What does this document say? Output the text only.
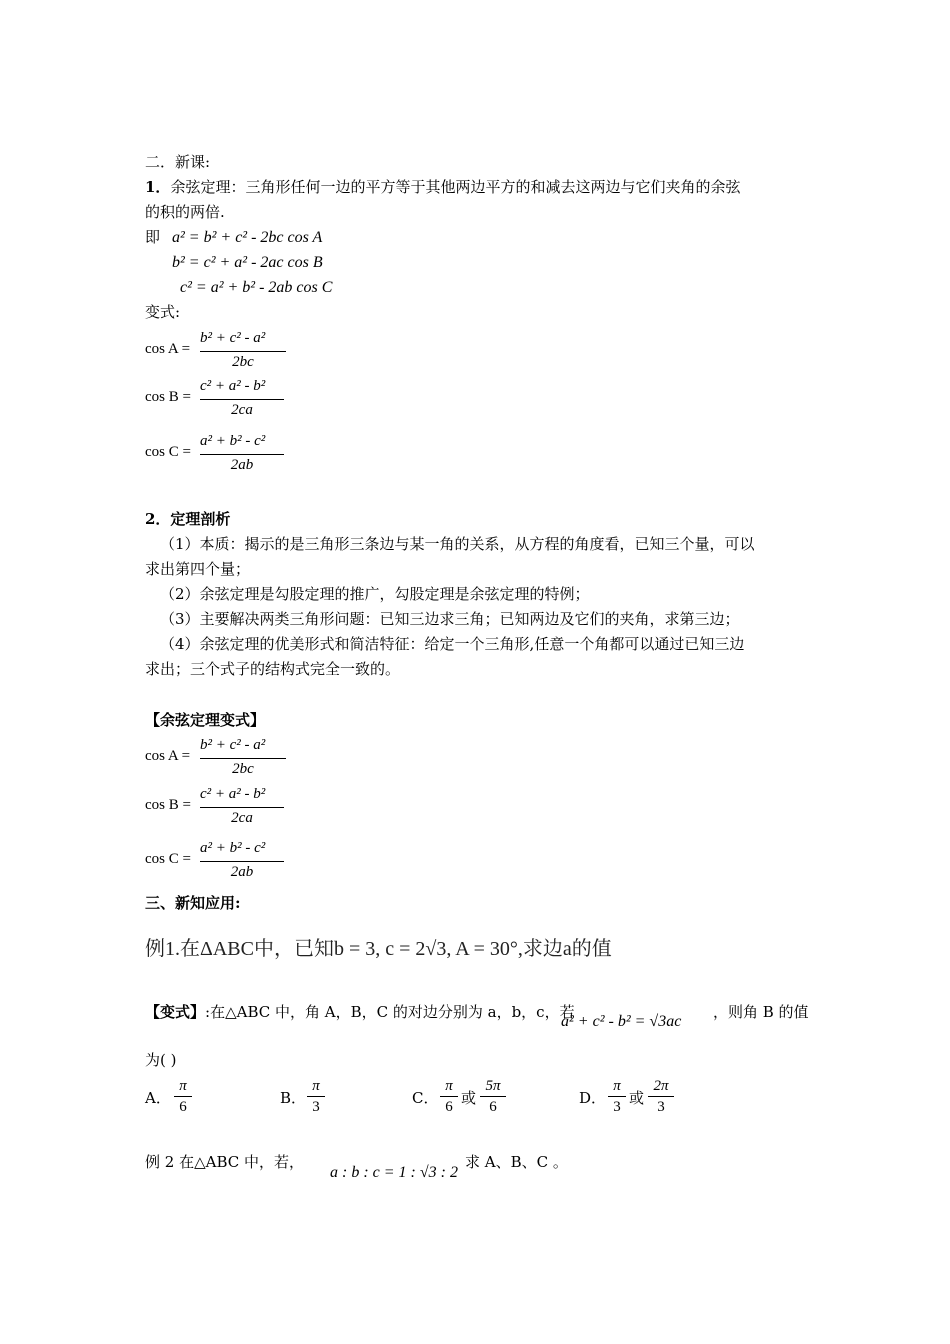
二．新课:
1．余弦定理：三角形任何一边的平方等于其他两边平方的和减去这两边与它们夹角的余弦
的积的两倍.
即 a² = b² + c² - 2bc cos A
b² = c² + a² - 2ac cos B
c² = a² + b² - 2ab cos C
变式:
cos A =
b² + c² - a²
2bc
cos B =
c² + a² - b²
2ca
cos C =
a² + b² - c²
2ab
2．定理剖析
（1）本质：揭示的是三角形三条边与某一角的关系，从方程的角度看，已知三个量，可以
求出第四个量；
（2）余弦定理是勾股定理的推广，勾股定理是余弦定理的特例；
（3）主要解决两类三角形问题：已知三边求三角；已知两边及它们的夹角，求第三边；
（4）余弦定理的优美形式和简洁特征：给定一个三角形,任意一个角都可以通过已知三边
求出；三个式子的结构式完全一致的。
【余弦定理变式】
cos A =
b² + c² - a²
2bc
cos B =
c² + a² - b²
2ca
cos C =
a² + b² - c²
2ab
三、新知应用:
例1.在ΔABC中，已知b = 3, c = 2√3, A = 30°,求边a的值
【变式】:在△ABC 中，角 A，B，C 的对边分别为 a，b，c，若
a² + c² - b² = √3ac
，则角 B 的值
为( )
A．
π
6	B．
π
3	C．
π
6 或
5π
6	D．
π
3 或
2π
3
例 2 在△ABC 中，若，
a : b : c = 1 : √3 : 2
求 A、B、C 。
